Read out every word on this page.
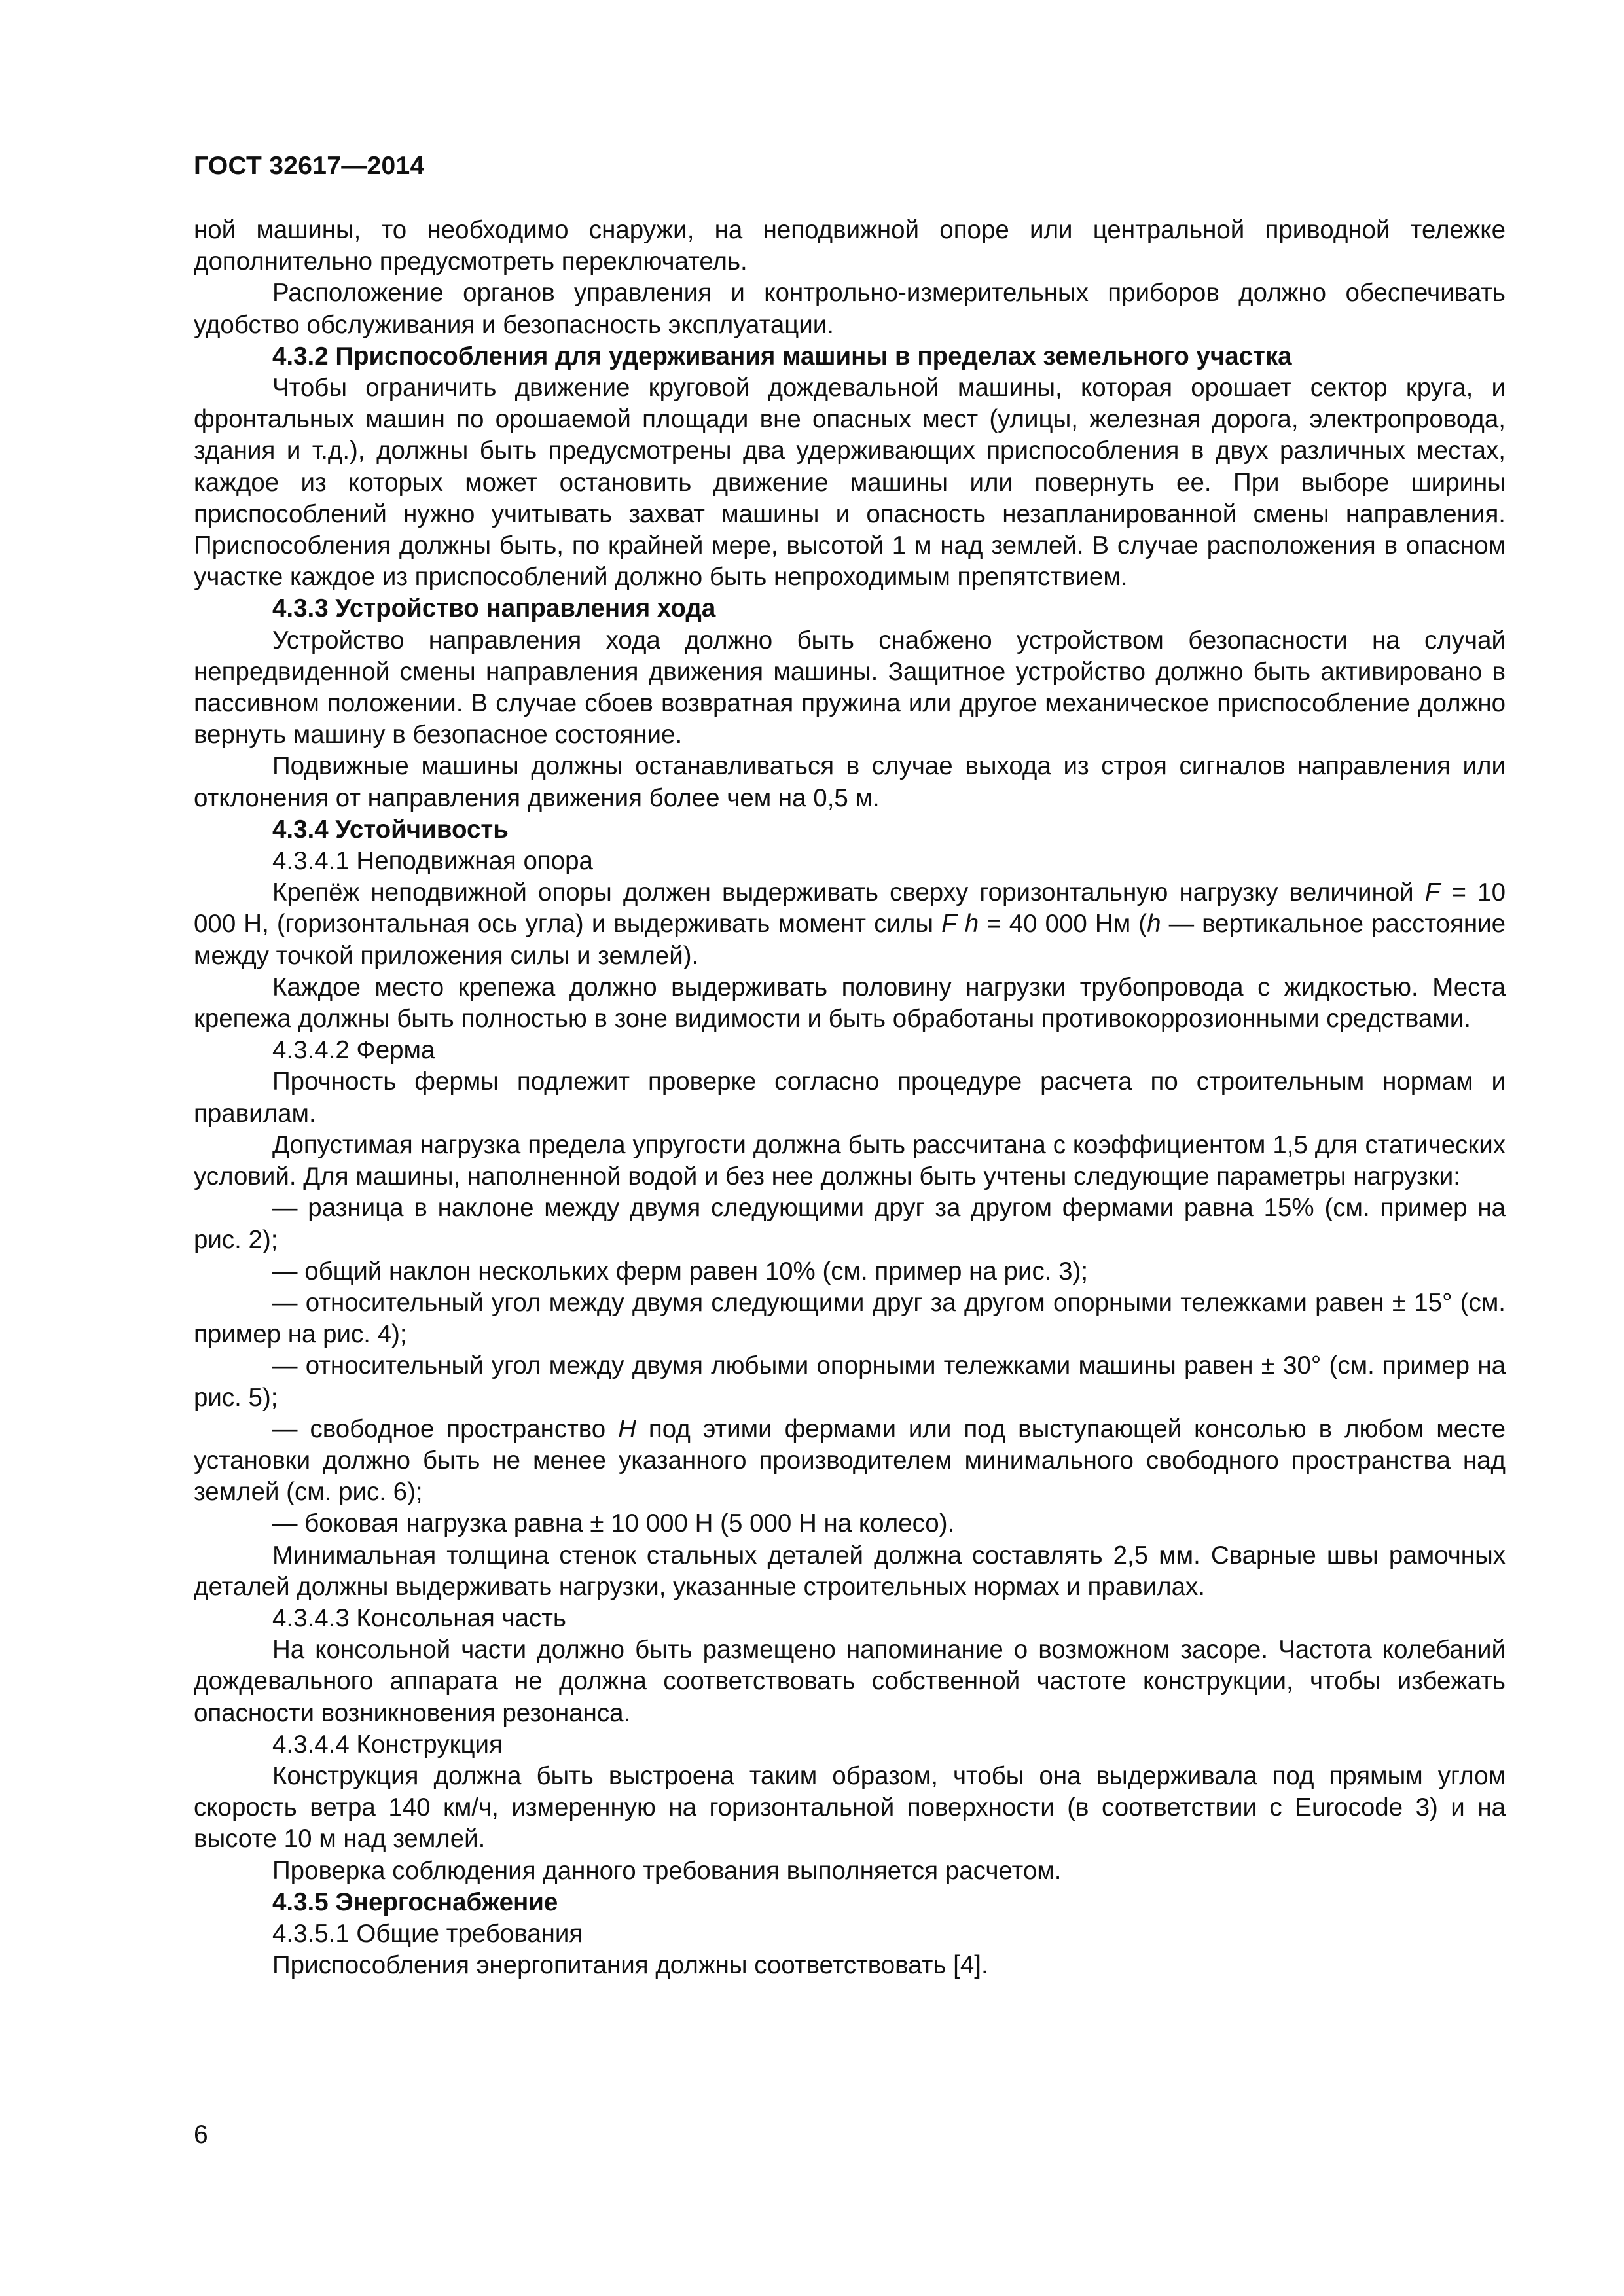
ГОСТ 32617—2014

ной машины, то необходимо снаружи, на неподвижной опоре или центральной приводной тележке дополнительно предусмотреть переключатель.

Расположение органов управления и контрольно-измерительных приборов должно обеспечивать удобство обслуживания и безопасность эксплуатации.

4.3.2 Приспособления для удерживания машины в пределах земельного участка

Чтобы ограничить движение круговой дождевальной машины, которая орошает сектор круга, и фронтальных машин по орошаемой площади вне опасных мест (улицы, железная дорога, электропровода, здания и т.д.), должны быть предусмотрены два удерживающих приспособления в двух различных местах, каждое из которых может остановить движение машины или повернуть ее. При выборе ширины приспособлений нужно учитывать захват машины и опасность незапланированной смены направления. Приспособления должны быть, по крайней мере, высотой 1 м над землей. В случае расположения в опасном участке каждое из приспособлений должно быть непроходимым препятствием.

4.3.3 Устройство направления хода

Устройство направления хода должно быть снабжено устройством безопасности на случай непредвиденной смены направления движения машины. Защитное устройство должно быть активировано в пассивном положении. В случае сбоев возвратная пружина или другое механическое приспособление должно вернуть машину в безопасное состояние.

Подвижные машины должны останавливаться в случае выхода из строя сигналов направления или отклонения от направления движения более чем на 0,5 м.

4.3.4 Устойчивость

4.3.4.1 Неподвижная опора

Крепёж неподвижной опоры должен выдерживать сверху горизонтальную нагрузку величиной F = 10 000 Н, (горизонтальная ось угла) и выдерживать момент силы F h = 40 000 Нм (h — вертикальное расстояние между точкой приложения силы и землей).

Каждое место крепежа должно выдерживать половину нагрузки трубопровода с жидкостью. Места крепежа должны быть полностью в зоне видимости и быть обработаны противокоррозионными средствами.

4.3.4.2 Ферма

Прочность фермы подлежит проверке согласно процедуре расчета по строительным нормам и правилам.

Допустимая нагрузка предела упругости должна быть рассчитана с коэффициентом 1,5 для статических условий. Для машины, наполненной водой и без нее должны быть учтены следующие параметры нагрузки:

— разница в наклоне между двумя следующими друг за другом фермами равна 15% (см. пример на рис. 2);

— общий наклон нескольких ферм равен 10% (см. пример на рис. 3);

— относительный угол между двумя следующими друг за другом опорными тележками равен ± 15° (см. пример на рис. 4);

— относительный угол между двумя любыми опорными тележками машины равен ± 30° (см. пример на рис. 5);

— свободное пространство H под этими фермами или под выступающей консолью в любом месте установки должно быть не менее указанного производителем минимального свободного пространства над землей (см. рис. 6);

— боковая нагрузка равна ± 10 000 Н (5 000 Н на колесо).

Минимальная толщина стенок стальных деталей должна составлять 2,5 мм. Сварные швы рамочных деталей должны выдерживать нагрузки, указанные строительных нормах и правилах.

4.3.4.3 Консольная часть

На консольной части должно быть размещено напоминание о возможном засоре. Частота колебаний дождевального аппарата не должна соответствовать собственной частоте конструкции, чтобы избежать опасности возникновения резонанса.

4.3.4.4 Конструкция

Конструкция должна быть выстроена таким образом, чтобы она выдерживала под прямым углом скорость ветра 140 км/ч, измеренную на горизонтальной поверхности (в соответствии с Eurocode 3) и на высоте 10 м над землей.

Проверка соблюдения данного требования выполняется расчетом.

4.3.5 Энергоснабжение

4.3.5.1 Общие требования

Приспособления энергопитания должны соответствовать [4].

6
